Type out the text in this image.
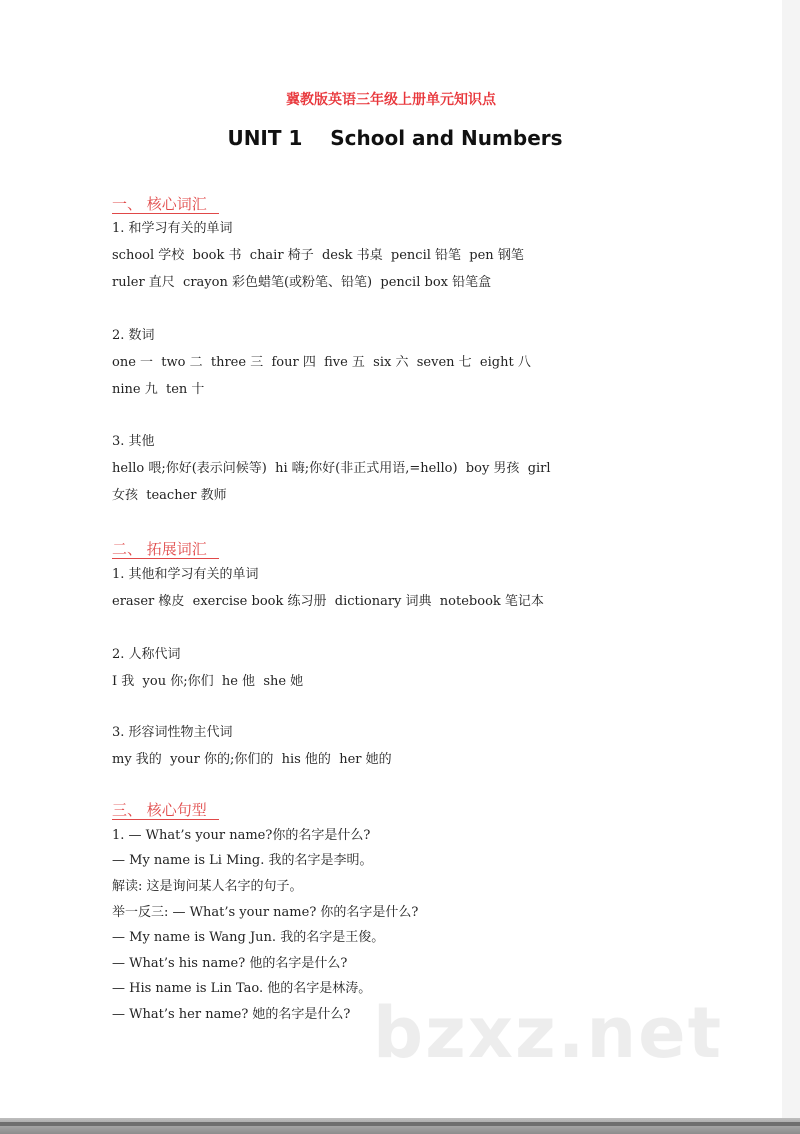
冀教版英语三年级上册单元知识点
UNIT 1    School and Numbers
一、 核心词汇
1. 和学习有关的单词
school 学校  book 书  chair 椅子  desk 书桌  pencil 铅笔  pen 钢笔
ruler 直尺  crayon 彩色蜡笔(或粉笔、铅笔)  pencil box 铅笔盒
2. 数词
one 一  two 二  three 三  four 四  five 五  six 六  seven 七  eight 八
nine 九  ten 十
3. 其他
hello 喂;你好(表示问候等)  hi 嗨;你好(非正式用语,=hello)  boy 男孩  girl
女孩  teacher 教师
二、 拓展词汇
1. 其他和学习有关的单词
eraser 橡皮  exercise book 练习册  dictionary 词典  notebook 笔记本
2. 人称代词
I 我  you 你;你们  he 他  she 她
3. 形容词性物主代词
my 我的  your 你的;你们的  his 他的  her 她的
三、 核心句型
1. — What’s your name?你的名字是什么?
— My name is Li Ming. 我的名字是李明。
解读: 这是询问某人名字的句子。
举一反三: — What’s your name? 你的名字是什么?
— My name is Wang Jun. 我的名字是王俊。
— What’s his name? 他的名字是什么?
— His name is Lin Tao. 他的名字是林涛。
— What’s her name? 她的名字是什么? bzxz.net
